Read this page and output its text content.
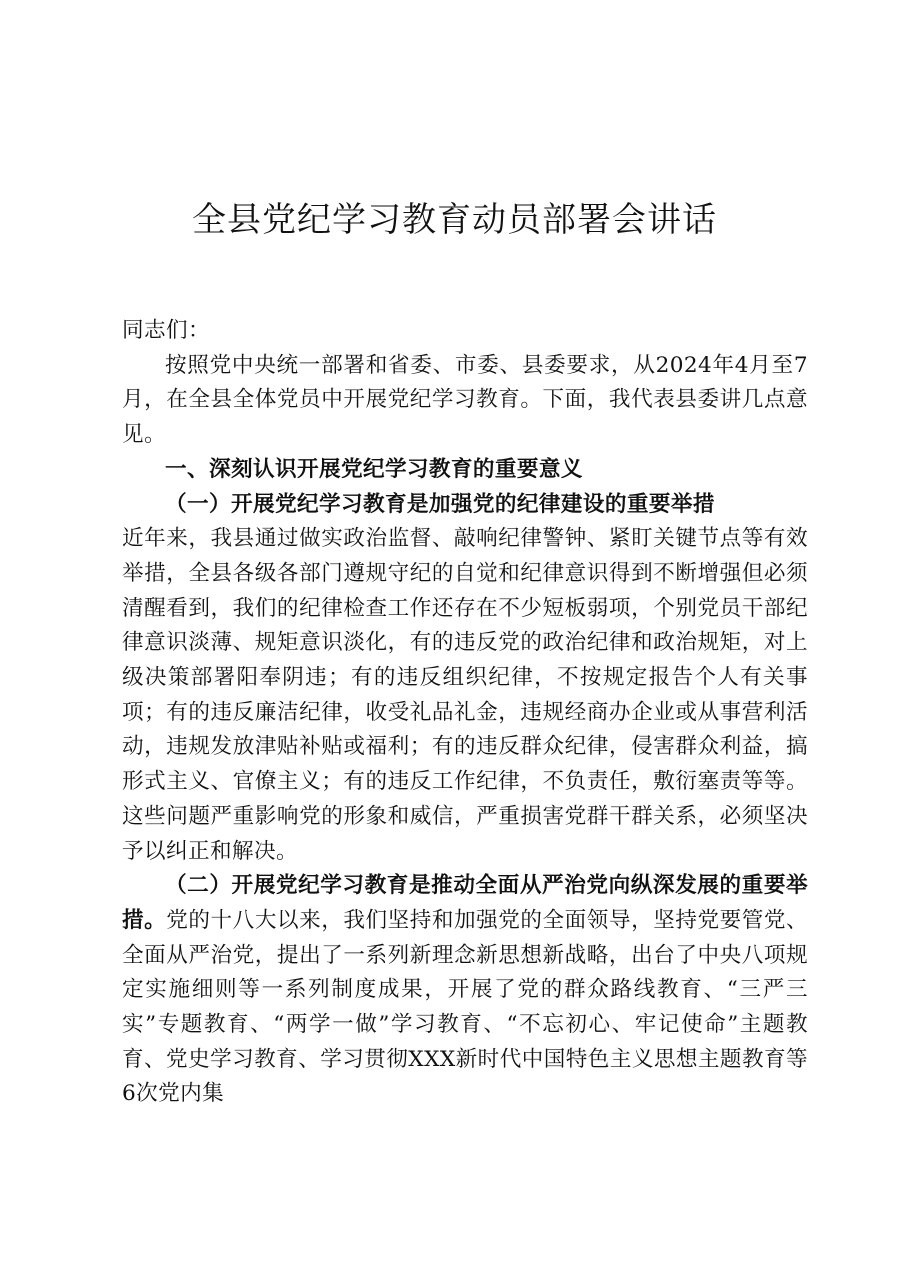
全县党纪学习教育动员部署会讲话

同志们：

按照党中央统一部署和省委、市委、县委要求，从2024年4月至7月，在全县全体党员中开展党纪学习教育。下面，我代表县委讲几点意见。

一、深刻认识开展党纪学习教育的重要意义

（一）开展党纪学习教育是加强党的纪律建设的重要举措

近年来，我县通过做实政治监督、敲响纪律警钟、紧盯关键节点等有效举措，全县各级各部门遵规守纪的自觉和纪律意识得到不断增强但必须清醒看到，我们的纪律检查工作还存在不少短板弱项，个别党员干部纪律意识淡薄、规矩意识淡化，有的违反党的政治纪律和政治规矩，对上级决策部署阳奉阴违；有的违反组织纪律，不按规定报告个人有关事项；有的违反廉洁纪律，收受礼品礼金，违规经商办企业或从事营利活动，违规发放津贴补贴或福利；有的违反群众纪律，侵害群众利益，搞形式主义、官僚主义；有的违反工作纪律，不负责任，敷衍塞责等等。这些问题严重影响党的形象和威信，严重损害党群干群关系，必须坚决予以纠正和解决。

（二）开展党纪学习教育是推动全面从严治党向纵深发展的重要举措。党的十八大以来，我们坚持和加强党的全面领导，坚持党要管党、全面从严治党，提出了一系列新理念新思想新战略，出台了中央八项规定实施细则等一系列制度成果，开展了党的群众路线教育、“三严三实”专题教育、“两学一做”学习教育、“不忘初心、牢记使命”主题教育、党史学习教育、学习贯彻XXX新时代中国特色主义思想主题教育等6次党内集
